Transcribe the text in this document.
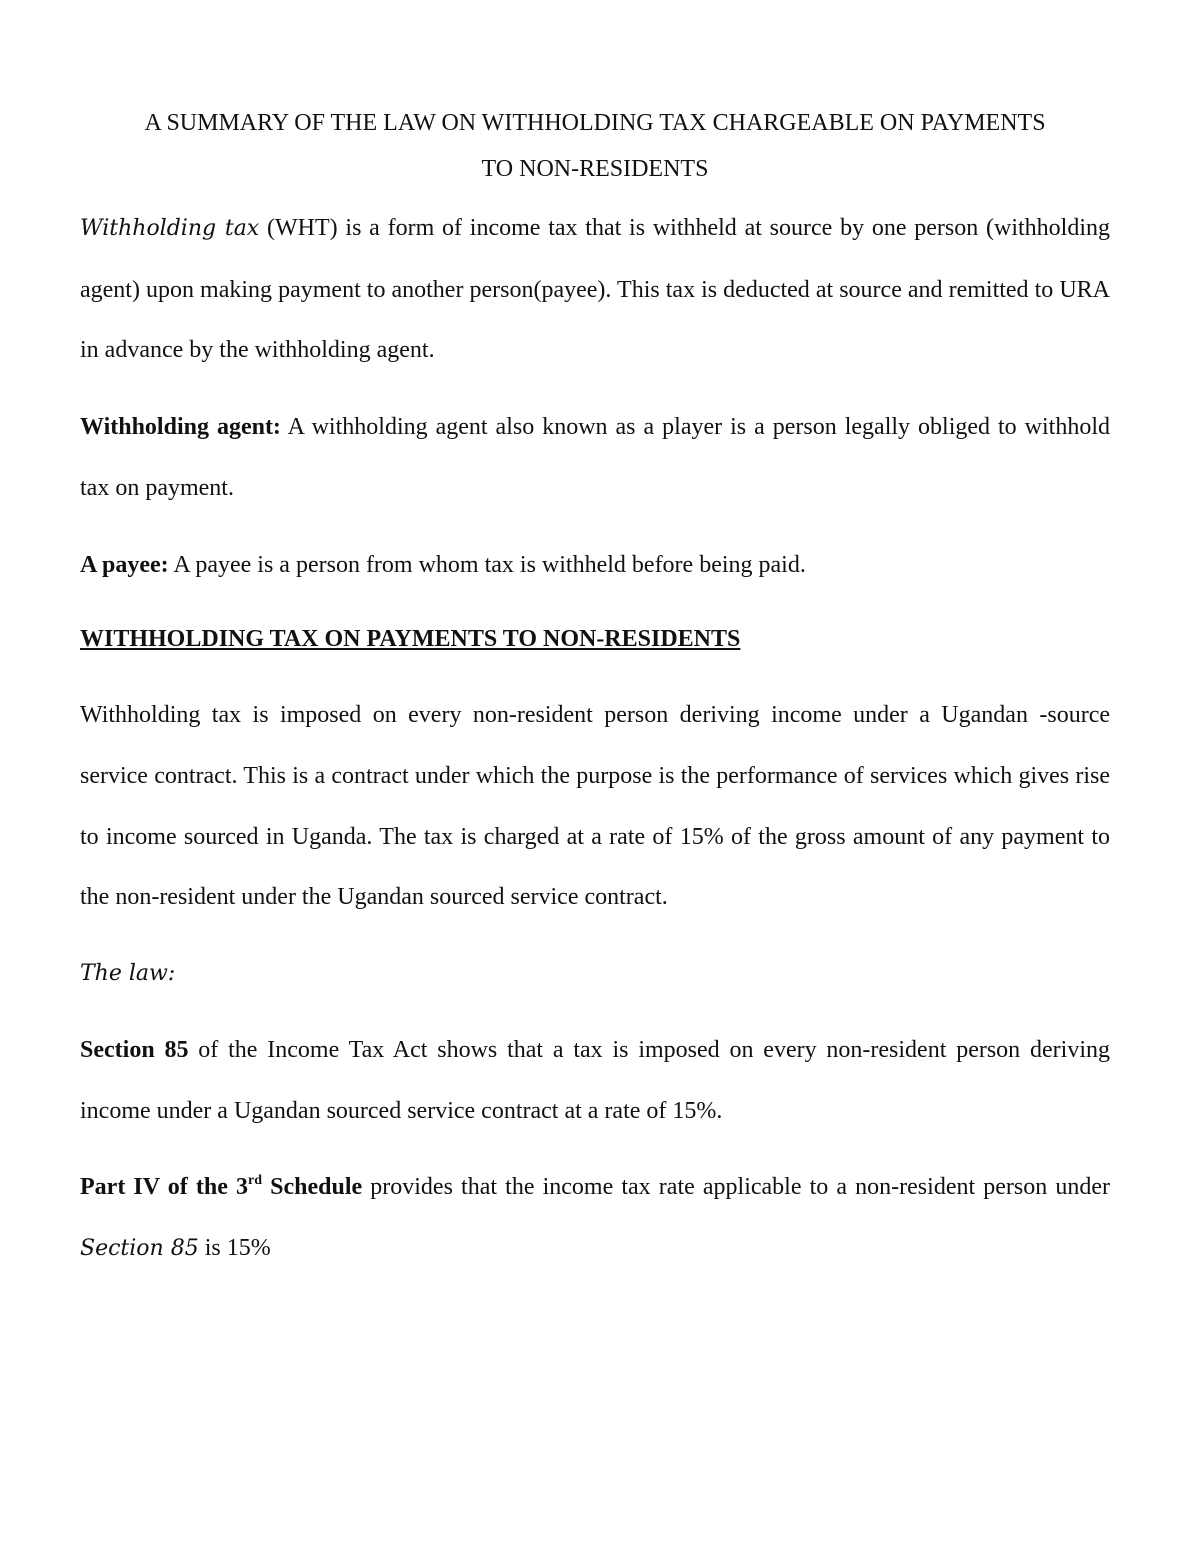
A SUMMARY OF THE LAW ON WITHHOLDING TAX CHARGEABLE ON PAYMENTS
TO NON-RESIDENTS

Withholding tax (WHT) is a form of income tax that is withheld at source by one person (withholding agent) upon making payment to another person(payee). This tax is deducted at source and remitted to URA in advance by the withholding agent.

Withholding agent: A withholding agent also known as a player is a person legally obliged to withhold tax on payment.

A payee: A payee is a person from whom tax is withheld before being paid.

WITHHOLDING TAX ON PAYMENTS TO NON-RESIDENTS

Withholding tax is imposed on every non-resident person deriving income under a Ugandan -source service contract. This is a contract under which the purpose is the performance of services which gives rise to income sourced in Uganda. The tax is charged at a rate of 15% of the gross amount of any payment to the non-resident under the Ugandan sourced service contract.

The law:

Section 85 of the Income Tax Act shows that a tax is imposed on every non-resident person deriving income under a Ugandan sourced service contract at a rate of 15%.

Part IV of the 3rd Schedule provides that the income tax rate applicable to a non-resident person under Section 85 is 15%
